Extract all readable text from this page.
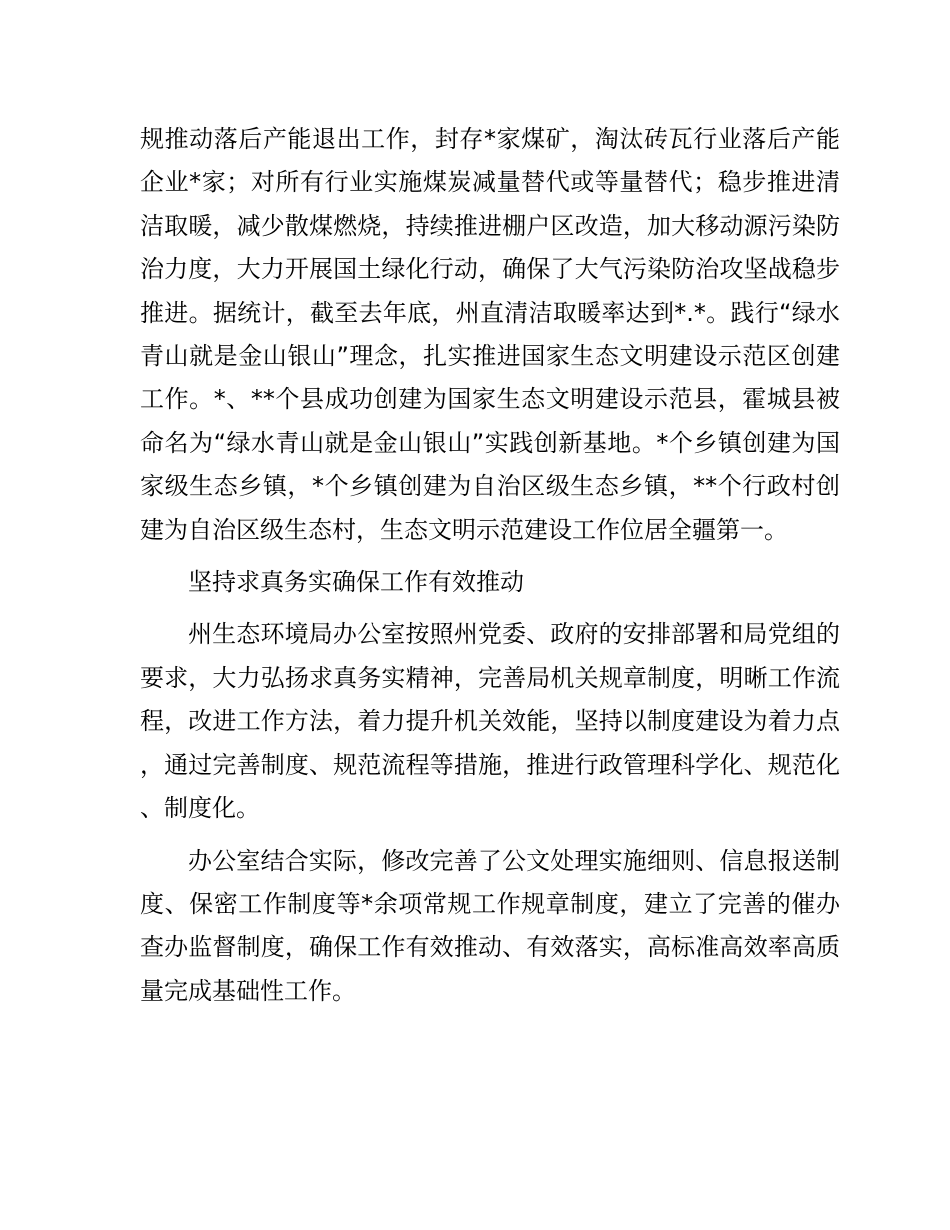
规推动落后产能退出工作，封存*家煤矿，淘汰砖瓦行业落后产能企业*家；对所有行业实施煤炭减量替代或等量替代；稳步推进清洁取暖，减少散煤燃烧，持续推进棚户区改造，加大移动源污染防治力度，大力开展国土绿化行动，确保了大气污染防治攻坚战稳步推进。据统计，截至去年底，州直清洁取暖率达到*.*。践行“绿水青山就是金山银山”理念，扎实推进国家生态文明建设示范区创建工作。*、**个县成功创建为国家生态文明建设示范县，霍城县被命名为“绿水青山就是金山银山”实践创新基地。*个乡镇创建为国家级生态乡镇，*个乡镇创建为自治区级生态乡镇，**个行政村创建为自治区级生态村，生态文明示范建设工作位居全疆第一。

坚持求真务实确保工作有效推动

州生态环境局办公室按照州党委、政府的安排部署和局党组的要求，大力弘扬求真务实精神，完善局机关规章制度，明晰工作流程，改进工作方法，着力提升机关效能，坚持以制度建设为着力点，通过完善制度、规范流程等措施，推进行政管理科学化、规范化、制度化。

办公室结合实际，修改完善了公文处理实施细则、信息报送制度、保密工作制度等*余项常规工作规章制度，建立了完善的催办查办监督制度，确保工作有效推动、有效落实，高标准高效率高质量完成基础性工作。
